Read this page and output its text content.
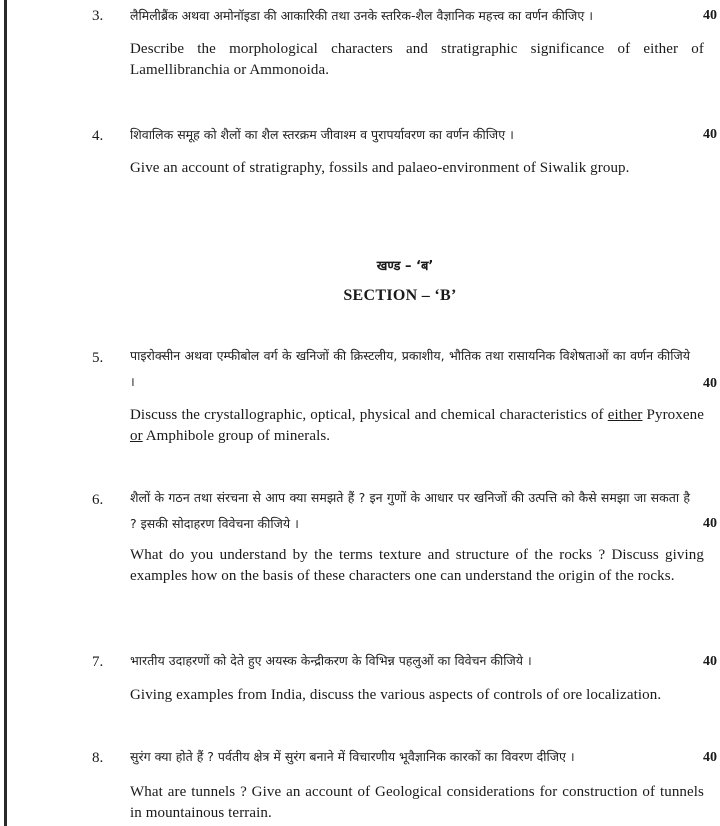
3. लैमिलीब्रैंक अथवा अमोनॉइडा की आकारिकी तथा उनके स्तरिक-शैल वैज्ञानिक महत्त्व का वर्णन कीजिए ।	40
Describe the morphological characters and stratigraphic significance of either of Lamellibranchia or Ammonoida.
4. शिवालिक समूह को शैलों का शैल स्तरक्रम जीवाश्म व पुरापर्यावरण का वर्णन कीजिए ।	40
Give an account of stratigraphy, fossils and palaeo-environment of Siwalik group.
खण्ड – ‘ब’
SECTION – ‘B’
5. पाइरोक्सीन अथवा एम्फीबोल वर्ग के खनिजों की क्रिस्टलीय, प्रकाशीय, भौतिक तथा रासायनिक विशेषताओं का वर्णन कीजिये ।	40
Discuss the crystallographic, optical, physical and chemical characteristics of either Pyroxene or Amphibole group of minerals.
6. शैलों के गठन तथा संरचना से आप क्या समझते हैं ? इन गुणों के आधार पर खनिजों की उत्पत्ति को कैसे समझा जा सकता है ? इसकी सोदाहरण विवेचना कीजिये ।	40
What do you understand by the terms texture and structure of the rocks ? Discuss giving examples how on the basis of these characters one can understand the origin of the rocks.
7. भारतीय उदाहरणों को देते हुए अयस्क केन्द्रीकरण के विभिन्न पहलुओं का विवेचन कीजिये ।	40
Giving examples from India, discuss the various aspects of controls of ore localization.
8. सुरंग क्या होते हैं ? पर्वतीय क्षेत्र में सुरंग बनाने में विचारणीय भूवैज्ञानिक कारकों का विवरण दीजिए ।	40
What are tunnels ? Give an account of Geological considerations for construction of tunnels in mountainous terrain.
